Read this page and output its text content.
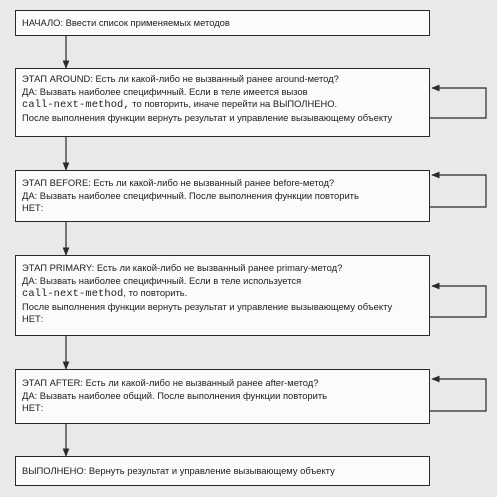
НАЧАЛО: Ввести список применяемых методов
ЭТАП AROUND: Есть ли какой-либо не вызванный ранее around-метод?
ДА: Вызвать наиболее специфичный. Если в теле имеется вызов
call-next-method, то повторить, иначе перейти на ВЫПОЛНЕНО.
После выполнения функции вернуть результат и управление вызывающему объекту
ЭТАП BEFORE: Есть ли какой-либо не вызванный ранее before-метод?
ДА: Вызвать наиболее специфичный. После выполнения функции повторить
НЕТ:
ЭТАП PRIMARY: Есть ли какой-либо не вызванный ранее primary-метод?
ДА: Вызвать наиболее специфичный. Если в теле используется
call-next-method, то повторить.
После выполнения функции вернуть результат и управление вызывающему объекту
НЕТ:
ЭТАП AFTER: Есть ли какой-либо не вызванный ранее after-метод?
ДА: Вызвать наиболее общий. После выполнения функции повторить
НЕТ:
ВЫПОЛНЕНО: Вернуть результат и управление вызывающему объекту
